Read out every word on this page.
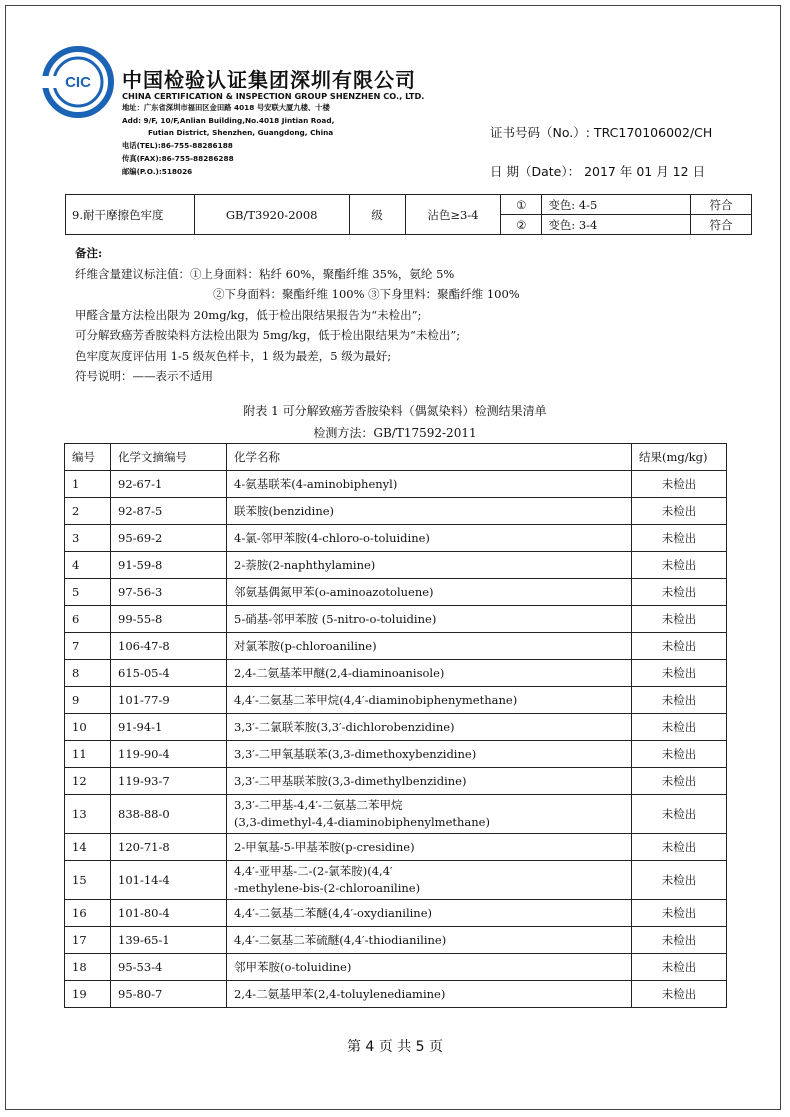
CIC 中国检验认证集团深圳有限公司
CHINA CERTIFICATION & INSPECTION GROUP SHENZHEN CO., LTD.
地址：广东省深圳市福田区金田路 4018 号安联大厦九楼、十楼
Add: 9/F, 10/F,Anlian Building,No.4018 Jintian Road,
Futian District, Shenzhen, Guangdong, China
电话(TEL):86-755-88286188
传真(FAX):86-755-88286288
邮编(P.O.):518026
证书号码（No.）: TRC170106002/CH
日 期（Date）： 2017 年 01 月 12 日
9.耐干摩擦色牢度	GB/T3920-2008	级	沾色≥3-4	①	变色: 4-5	符合
				②	变色: 3-4	符合
备注:
纤维含量建议标注值：①上身面料：粘纤 60%，聚酯纤维 35%，氨纶 5%
②下身面料：聚酯纤维 100% ③下身里料：聚酯纤维 100%
甲醛含量方法检出限为 20mg/kg，低于检出限结果报告为“未检出”;
可分解致癌芳香胺染料方法检出限为 5mg/kg，低于检出限结果为“未检出”;
色牢度灰度评估用 1-5 级灰色样卡，1 级为最差，5 级为最好;
符号说明：——表示不适用
附表 1 可分解致癌芳香胺染料（偶氮染料）检测结果清单
检测方法：GB/T17592-2011
编号	化学文摘编号	化学名称	结果(mg/kg)
1	92-67-1	4-氨基联苯(4-aminobiphenyl)	未检出
2	92-87-5	联苯胺(benzidine)	未检出
3	95-69-2	4-氯-邻甲苯胺(4-chloro-o-toluidine)	未检出
4	91-59-8	2-萘胺(2-naphthylamine)	未检出
5	97-56-3	邻氨基偶氮甲苯(o-aminoazotoluene)	未检出
6	99-55-8	5-硝基-邻甲苯胺 (5-nitro-o-toluidine)	未检出
7	106-47-8	对氯苯胺(p-chloroaniline)	未检出
8	615-05-4	2,4-二氨基苯甲醚(2,4-diaminoanisole)	未检出
9	101-77-9	4,4′-二氨基二苯甲烷(4,4′-diaminobiphenymethane)	未检出
10	91-94-1	3,3′-二氯联苯胺(3,3′-dichlorobenzidine)	未检出
11	119-90-4	3,3′-二甲氧基联苯(3,3-dimethoxybenzidine)	未检出
12	119-93-7	3,3′-二甲基联苯胺(3,3-dimethylbenzidine)	未检出
13	838-88-0	3,3′-二甲基-4,4′-二氨基二苯甲烷
(3,3-dimethyl-4,4-diaminobiphenylmethane)	未检出
14	120-71-8	2-甲氧基-5-甲基苯胺(p-cresidine)	未检出
15	101-14-4	4,4′-亚甲基-二-(2-氯苯胺)(4,4′
-methylene-bis-(2-chloroaniline)	未检出
16	101-80-4	4,4′-二氨基二苯醚(4,4′-oxydianiline)	未检出
17	139-65-1	4,4′-二氨基二苯硫醚(4,4′-thiodianiline)	未检出
18	95-53-4	邻甲苯胺(o-toluidine)	未检出
19	95-80-7	2,4-二氨基甲苯(2,4-toluylenediamine)	未检出
第 4 页 共 5 页
